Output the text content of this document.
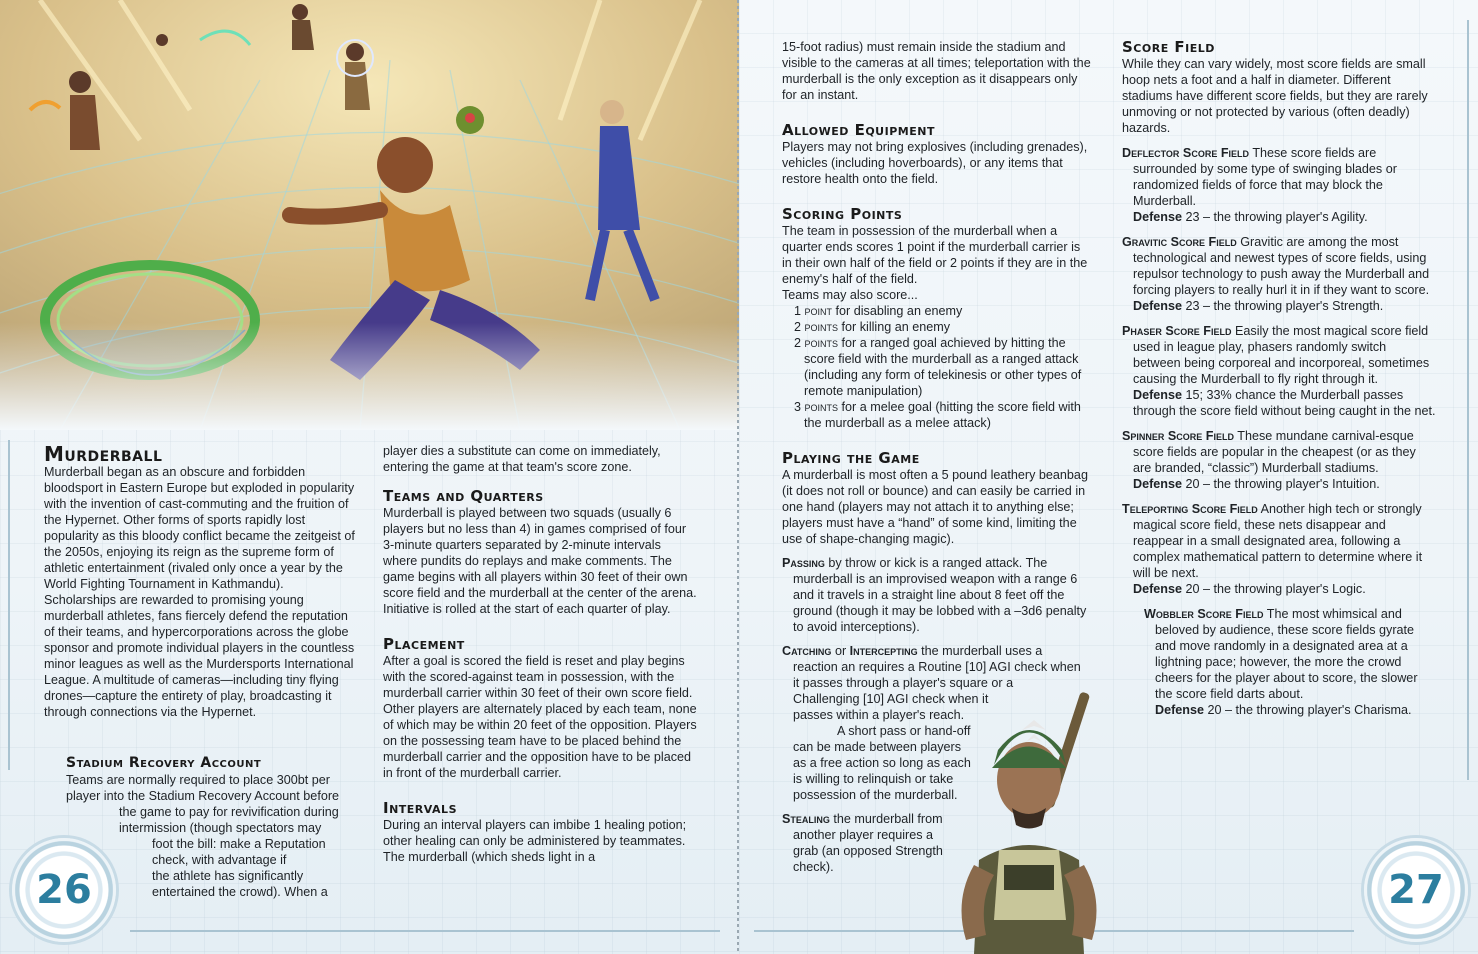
Murderball

Murderball began as an obscure and forbidden bloodsport in Eastern Europe but exploded in popularity with the invention of cast-commuting and the fruition of the Hypernet. Other forms of sports rapidly lost popularity as this bloody conflict became the zeitgeist of the 2050s, enjoying its reign as the supreme form of athletic entertainment (rivaled only once a year by the World Fighting Tournament in Kathmandu). Scholarships are rewarded to promising young murderball athletes, fans fiercely defend the reputation of their teams, and hypercorporations across the globe sponsor and promote individual players in the countless minor leagues as well as the Murdersports International League. A multitude of cameras—including tiny flying drones—capture the entirety of play, broadcasting it through connections via the Hypernet.

Stadium Recovery Account
Teams are normally required to place 300bt per
player into the Stadium Recovery Account before
the game to pay for revivification during
intermission (though spectators may
foot the bill: make a Reputation
check, with advantage if
the athlete has significantly
entertained the crowd). When a

player dies a substitute can come on immediately, entering the game at that team's score zone.

Teams and Quarters

Murderball is played between two squads (usually 6 players but no less than 4) in games comprised of four 3-minute quarters separated by 2-minute intervals where pundits do replays and make comments. The game begins with all players within 30 feet of their own score field and the murderball at the center of the arena. Initiative is rolled at the start of each quarter of play.

Placement

After a goal is scored the field is reset and play begins with the scored-against team in possession, with the murderball carrier within 30 feet of their own score field. Other players are alternately placed by each team, none of which may be within 20 feet of the opposition. Players on the possessing team have to be placed behind the murderball carrier and the opposition have to be placed in front of the murderball carrier.

Intervals

During an interval players can imbibe 1 healing potion; other healing can only be administered by teammates. The murderball (which sheds light in a

26

15-foot radius) must remain inside the stadium and visible to the cameras at all times; teleportation with the murderball is the only exception as it disappears only for an instant.

Allowed Equipment

Players may not bring explosives (including grenades), vehicles (including hoverboards), or any items that restore health onto the field.

Scoring Points

The team in possession of the murderball when a quarter ends scores 1 point if the murderball carrier is in their own half of the field or 2 points if they are in the enemy's half of the field.

Teams may also score...

1 point for disabling an enemy
2 points for killing an enemy
2 points for a ranged goal achieved by hitting the score field with the murderball as a ranged attack (including any form of telekinesis or other types of remote manipulation)
3 points for a melee goal (hitting the score field with the murderball as a melee attack)
Playing the Game

A murderball is most often a 5 pound leathery beanbag (it does not roll or bounce) and can easily be carried in one hand (players may not attach it to anything else; players must have a “hand” of some kind, limiting the use of shape-changing magic).

Passing by throw or kick is a ranged attack. The murderball is an improvised weapon with a range 6 and it travels in a straight line about 8 feet off the ground (though it may be lobbed with a –3d6 penalty to avoid interceptions).

Catching or Intercepting the murderball uses a
reaction an requires a Routine [10] AGI check when
it passes through a player's square or a
Challenging [10] AGI check when it
passes within a player's reach.
A short pass or hand-off
can be made between players
as a free action so long as each
is willing to relinquish or take
possession of the murderball.
Stealing the murderball from
another player requires a
grab (an opposed Strength
check).
Score Field

While they can vary widely, most score fields are small hoop nets a foot and a half in diameter. Different stadiums have different score fields, but they are rarely unmoving or not protected by various (often deadly) hazards.

Deflector Score Field These score fields are surrounded by some type of swinging blades or randomized fields of force that may block the Murderball.

Defense 23 – the throwing player's Agility.

Gravitic Score Field Gravitic are among the most technological and newest types of score fields, using repulsor technology to push away the Murderball and forcing players to really hurl it in if they want to score.

Defense 23 – the throwing player's Strength.

Phaser Score Field Easily the most magical score field used in league play, phasers randomly switch between being corporeal and incorporeal, sometimes causing the Murderball to fly right through it.

Defense 15; 33% chance the Murderball passes through the score field without being caught in the net.

Spinner Score Field These mundane carnival-esque score fields are popular in the cheapest (or as they are branded, “classic”) Murderball stadiums.

Defense 20 – the throwing player's Intuition.

Teleporting Score Field Another high tech or strongly magical score field, these nets disappear and reappear in a small designated area, following a complex mathematical pattern to determine where it will be next.

Defense 20 – the throwing player's Logic.

Wobbler Score Field The most whimsical and beloved by audience, these score fields gyrate and move randomly in a designated area at a lightning pace; however, the more the crowd cheers for the player about to score, the slower the score field darts about.

Defense 20 – the throwing player's Charisma.

27
